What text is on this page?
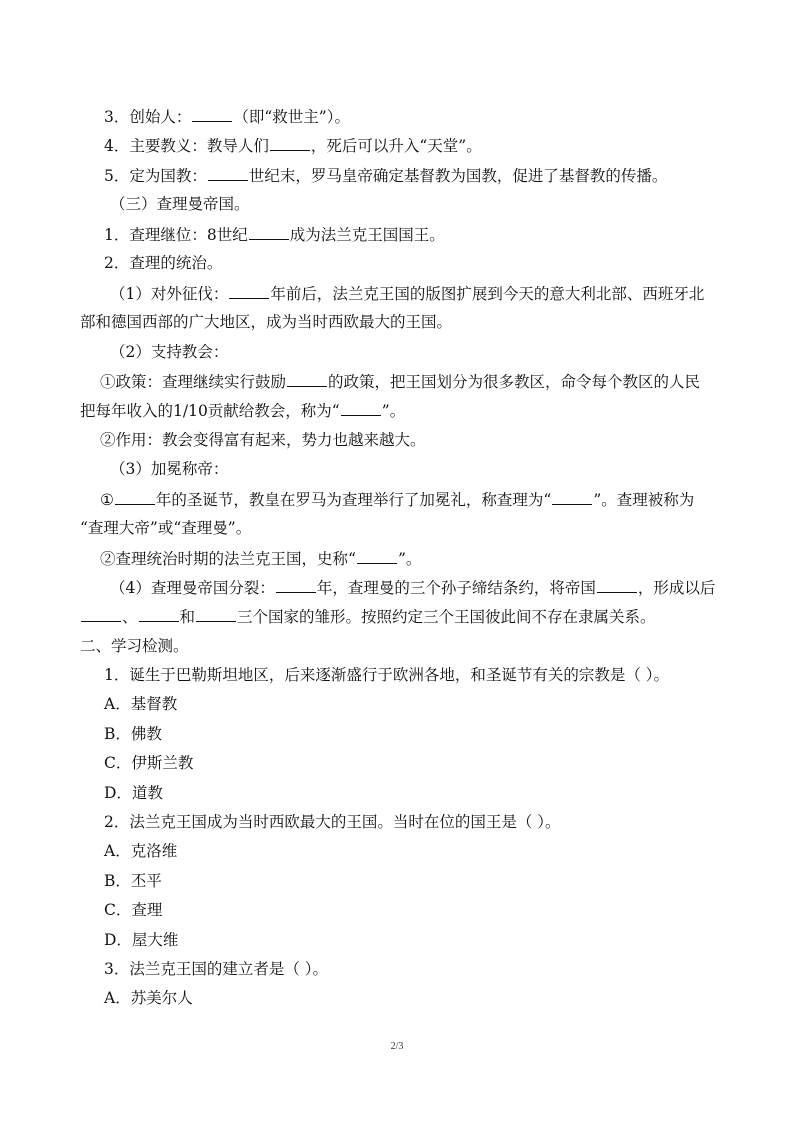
3．创始人：	（即“救世主”）。
4．主要教义：教导人们	，死后可以升入“天堂”。
5．定为国教：	世纪末，罗马皇帝确定基督教为国教，促进了基督教的传播。
（三）查理曼帝国。
1．查理继位：8世纪	成为法兰克王国国王。
2．查理的统治。
（1）对外征伐：	年前后，法兰克王国的版图扩展到今天的意大利北部、西班牙北
部和德国西部的广大地区，成为当时西欧最大的王国。
（2）支持教会：
①政策：查理继续实行鼓励	的政策，把王国划分为很多教区，命令每个教区的人民
把每年收入的1/10贡献给教会，称为“	”。
②作用：教会变得富有起来，势力也越来越大。
（3）加冕称帝：
①	年的圣诞节，教皇在罗马为查理举行了加冕礼，称查理为“	”。查理被称为
“查理大帝”或“查理曼”。
②查理统治时期的法兰克王国，史称“	”。
（4）查理曼帝国分裂：	年，查理曼的三个孙子缔结条约，将帝国	，形成以后
、	和	三个国家的雏形。按照约定三个王国彼此间不存在隶属关系。
二、学习检测。
1．诞生于巴勒斯坦地区，后来逐渐盛行于欧洲各地，和圣诞节有关的宗教是（ ）。
A．基督教
B．佛教
C．伊斯兰教
D．道教
2．法兰克王国成为当时西欧最大的王国。当时在位的国王是（ ）。
A．克洛维
B．丕平
C．查理
D．屋大维
3．法兰克王国的建立者是（ ）。
A．苏美尔人
2/3
